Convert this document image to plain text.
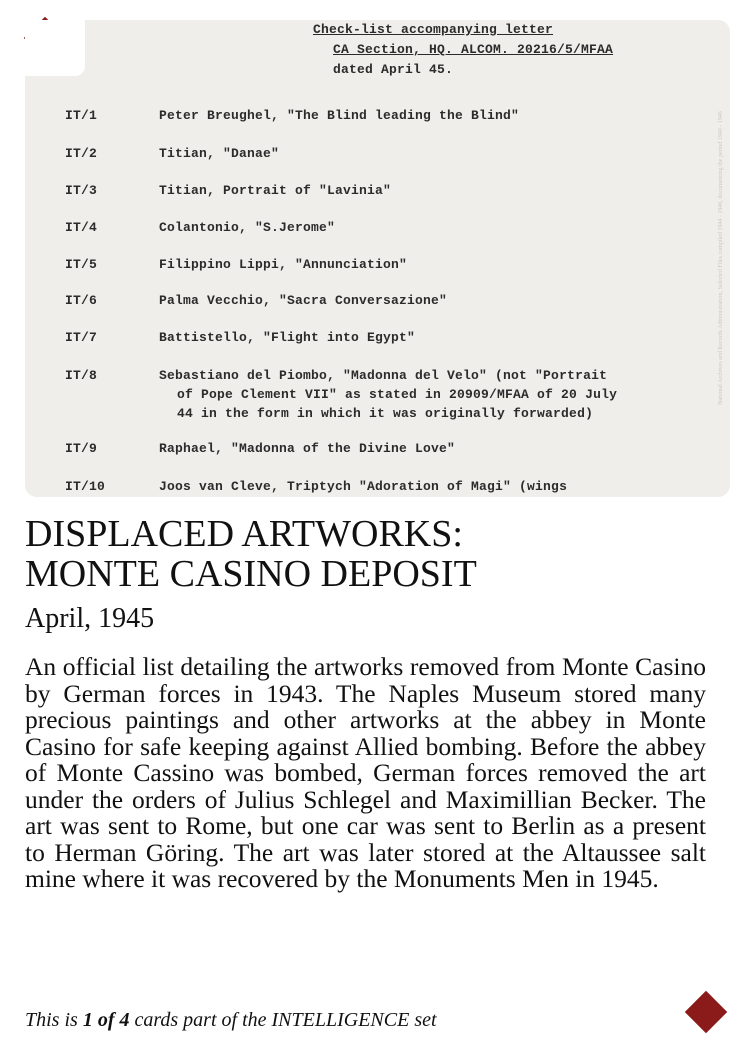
Check-list accompanying letter
CA Section, HQ. ALCOM. 20216/5/MFAA
dated April 45.
IT/1	Peter Breughel, "The Blind leading the Blind"
IT/2	Titian, "Danae"
IT/3	Titian, Portrait of "Lavinia"
IT/4	Colantonio, "S.Jerome"
IT/5	Filippino Lippi, "Annunciation"
IT/6	Palma Vecchio, "Sacra Conversazione"
IT/7	Battistello, "Flight into Egypt"
IT/8	Sebastiano del Piombo, "Madonna del Velo" (not "Portrait
of Pope Clement VII" as stated in 20909/MFAA of 20 July
44 in the form in which it was originally forwarded)
IT/9	Raphael, "Madonna of the Divine Love"
IT/10	Joos van Cleve, Triptych "Adoration of Magi" (wings
National Archives and Records Administration, Selected Files compiled 1944 - 1946, documenting the period 1940 - 1946
DISPLACED ARTWORKS:
MONTE CASINO DEPOSIT
April, 1945

An official list detailing the artworks removed from Monte Casino by German forces in 1943. The Naples Museum stored many precious paintings and other artworks at the abbey in Monte Casino for safe keeping against Allied bombing. Before the abbey of Monte Cassino was bombed, German forces removed the art under the orders of Julius Schlegel and Maximillian Becker. The art was sent to Rome, but one car was sent to Berlin as a present to Herman Göring. The art was later stored at the Altaussee salt mine where it was recovered by the Monuments Men in 1945.

This is 1 of 4 cards part of the INTELLIGENCE set
